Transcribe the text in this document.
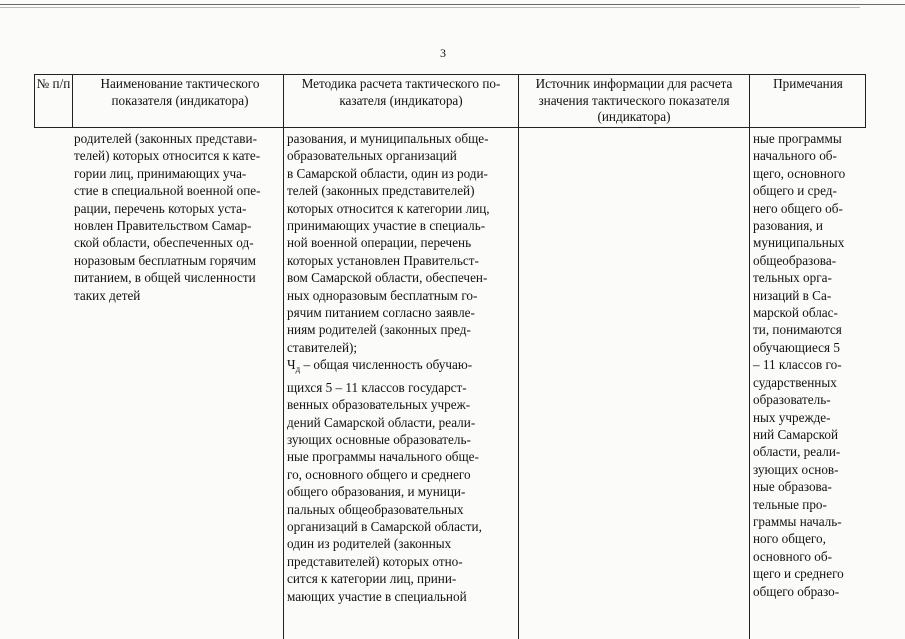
3
№ п/п	Наименование тактического показателя (индикатора)
Методика расчета тактического показателя (индикатора)
Источник информации для расчета значения тактического показателя (индикатора)
Примечания
родителей (законных представи-
телей) которых относится к кате-
гории лиц, принимающих уча-
стие в специальной военной опе-
рации, перечень которых уста-
новлен Правительством Самар-
ской области, обеспеченных од-
норазовым бесплатным горячим
питанием, в общей численности
таких детей
разования, и муниципальных обще-
образовательных организаций
в Самарской области, один из роди-
телей (законных представителей)
которых относится к категории лиц,
принимающих участие в специаль-
ной военной операции, перечень
которых установлен Правительст-
вом Самарской области, обеспечен-
ных одноразовым бесплатным го-
рячим питанием согласно заявле-
ниям родителей (законных пред-
ставителей);
$Ч_д$ – общая численность обучаю-
щихся 5 – 11 классов государст-
венных образовательных учреж-
дений Самарской области, реали-
зующих основные образователь-
ные программы начального обще-
го, основного общего и среднего
общего образования, и муници-
пальных общеобразовательных
организаций в Самарской области,
один из родителей (законных
представителей) которых отно-
сится к категории лиц, прини-
мающих участие в специальной
ные программы
начального об-
щего, основного
общего и сред-
него общего об-
разования, и
муниципальных
общеобразова-
тельных орга-
низаций в Са-
марской облас-
ти, понимаются
обучающиеся 5
– 11 классов го-
сударственных
образователь-
ных учрежде-
ний Самарской
области, реали-
зующих основ-
ные образова-
тельные про-
граммы началь-
ного общего,
основного об-
щего и среднего
общего образо-
